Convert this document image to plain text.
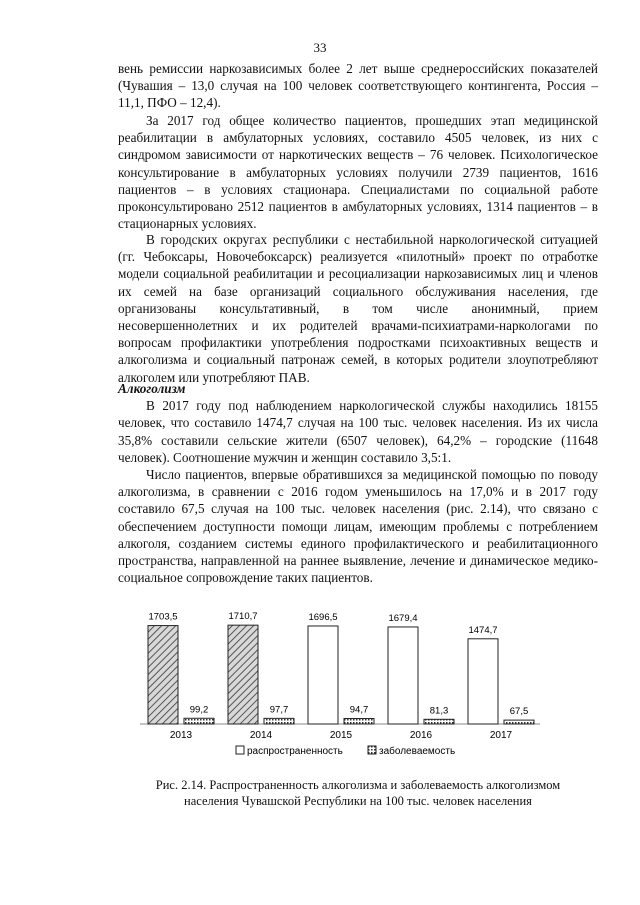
33

вень ремиссии наркозависимых более 2 лет выше среднероссийских показателей (Чувашия – 13,0 случая на 100 человек соответствующего контингента, Россия – 11,1, ПФО – 12,4).

За 2017 год общее количество пациентов, прошедших этап медицинской реабилитации в амбулаторных условиях, составило 4505 человек, из них с синдромом зависимости от наркотических веществ – 76 человек. Психологическое консультирование в амбулаторных условиях получили 2739 пациентов, 1616 пациентов – в условиях стационара. Специалистами по социальной работе проконсультировано 2512 пациентов в амбулаторных условиях, 1314 пациентов – в стационарных условиях.

В городских округах республики с нестабильной наркологической ситуацией (гг. Чебоксары, Новочебоксарск) реализуется «пилотный» проект по отработке модели социальной реабилитации и ресоциализации наркозависимых лиц и членов их семей на базе организаций социального обслуживания населения, где организованы консультативный, в том числе анонимный, прием несовершеннолетних и их родителей врачами-психиатрами-наркологами по вопросам профилактики употребления подростками психоактивных веществ и алкоголизма и социальный патронаж семей, в которых родители злоупотребляют алкоголем или употребляют ПАВ.

Алкоголизм

В 2017 году под наблюдением наркологической службы находились 18155 человек, что составило 1474,7 случая на 100 тыс. человек населения. Из их числа 35,8% составили сельские жители (6507 человек), 64,2% – городские (11648 человек). Соотношение мужчин и женщин составило 3,5:1.

Число пациентов, впервые обратившихся за медицинской помощью по поводу алкоголизма, в сравнении с 2016 годом уменьшилось на 17,0% и в 2017 году составило 67,5 случая на 100 тыс. человек населения (рис. 2.14), что связано с обеспечением доступности помощи лицам, имеющим проблемы с потреблением алкоголя, созданием системы единого профилактического и реабилитационного пространства, направленной на раннее выявление, лечение и динамическое медико-социальное сопровождение таких пациентов.

1703,5
99,2
2013
1710,7
97,7
2014
1696,5
94,7
2015
1679,4
81,3
2016
1474,7
67,5
2017
распространенность	заболеваемость
Рис. 2.14. Распространенность алкоголизма и заболеваемость алкоголизмом
населения Чувашской Республики на 100 тыс. человек населения
